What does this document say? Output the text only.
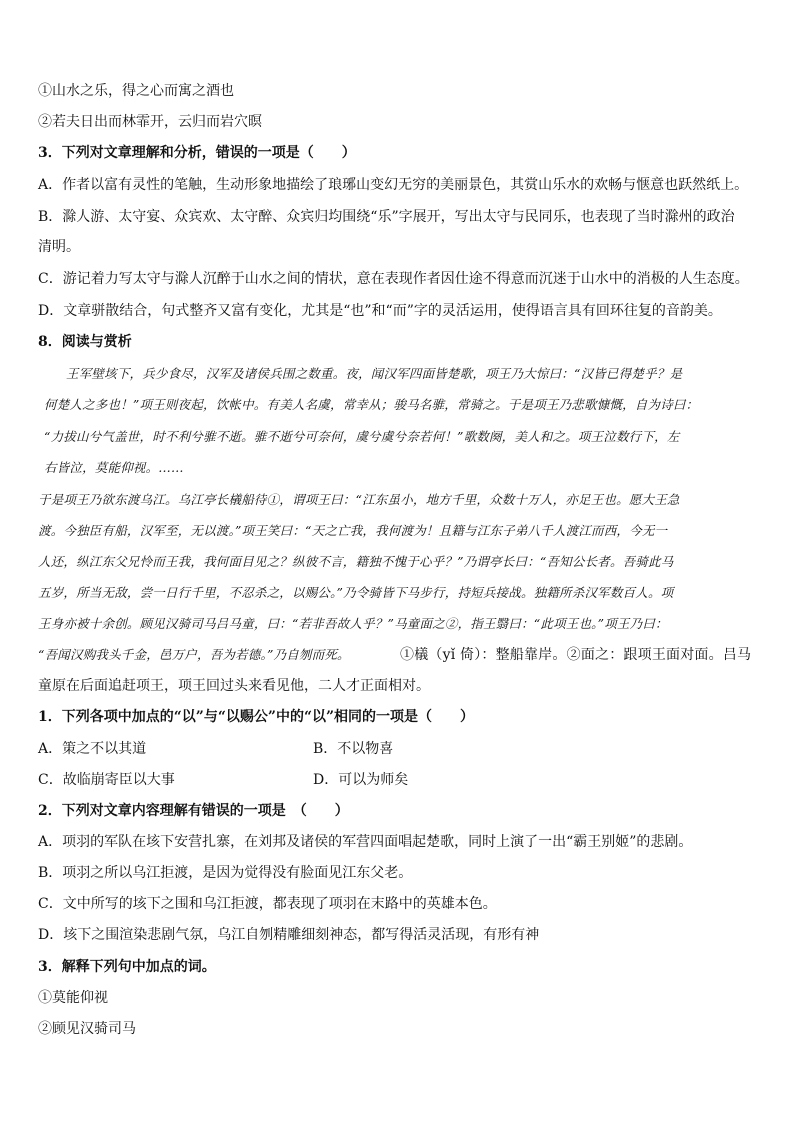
①山水之乐，得之心而寓之酒也
②若夫日出而林霏开，云归而岩穴暝
3．下列对文章理解和分析，错误的一项是（　　）
A．作者以富有灵性的笔触，生动形象地描绘了琅琊山变幻无穷的美丽景色，其赏山乐水的欢畅与惬意也跃然纸上。
B．滁人游、太守宴、众宾欢、太守醉、众宾归均围绕“乐”字展开，写出太守与民同乐，也表现了当时滁州的政治
清明。
C．游记着力写太守与滁人沉醉于山水之间的情状，意在表现作者因仕途不得意而沉迷于山水中的消极的人生态度。
D．文章骈散结合，句式整齐又富有变化，尤其是“也”和“而”字的灵活运用，使得语言具有回环往复的音韵美。
8．阅读与赏析
王军壁垓下，兵少食尽，汉军及诸侯兵围之数重。夜，闻汉军四面皆楚歌，项王乃大惊曰：“汉皆已得楚乎？是
何楚人之多也！”项王则夜起，饮帐中。有美人名虞，常幸从；骏马名骓，常骑之。于是项王乃悲歌慷慨，自为诗曰：
“力拔山兮气盖世，时不利兮骓不逝。骓不逝兮可奈何，虞兮虞兮奈若何！”歌数阕，美人和之。项王泣数行下，左
右皆泣，莫能仰视。……
于是项王乃欲东渡乌江。乌江亭长檥船待①，谓项王曰：“江东虽小，地方千里，众数十万人，亦足王也。愿大王急
渡。今独臣有船，汉军至，无以渡。”项王笑曰：“天之亡我，我何渡为！且籍与江东子弟八千人渡江而西，今无一
人还，纵江东父兄怜而王我，我何面目见之？纵彼不言，籍独不愧于心乎？”乃谓亭长曰：“吾知公长者。吾骑此马
五岁，所当无敌，尝一日行千里，不忍杀之，以赐公。”乃令骑皆下马步行，持短兵接战。独籍所杀汉军数百人。项
王身亦被十余创。顾见汉骑司马吕马童，曰：“若非吾故人乎？”马童面之②，指王翳曰：“此项王也。”项王乃曰：
“吾闻汉购我头千金，邑万户，吾为若德。”乃自刎而死。	①檥（yǐ 倚）：整船靠岸。②面之：跟项王面对面。吕马
童原在后面追赶项王，项王回过头来看见他，二人才正面相对。
1．下列各项中加点的“以”与“以赐公”中的“以”相同的一项是（　　）
A．策之不以其道	B．不以物喜
C．故临崩寄臣以大事	D．可以为师矣
2．下列对文章内容理解有错误的一项是　（　　）
A．项羽的军队在垓下安营扎寨，在刘邦及诸侯的军营四面唱起楚歌，同时上演了一出“霸王别姬”的悲剧。
B．项羽之所以乌江拒渡，是因为觉得没有脸面见江东父老。
C．文中所写的垓下之围和乌江拒渡，都表现了项羽在末路中的英雄本色。
D．垓下之围渲染悲剧气氛，乌江自刎精雕细刻神态，都写得活灵活现，有形有神
3．解释下列句中加点的词。
①莫能仰视
②顾见汉骑司马
